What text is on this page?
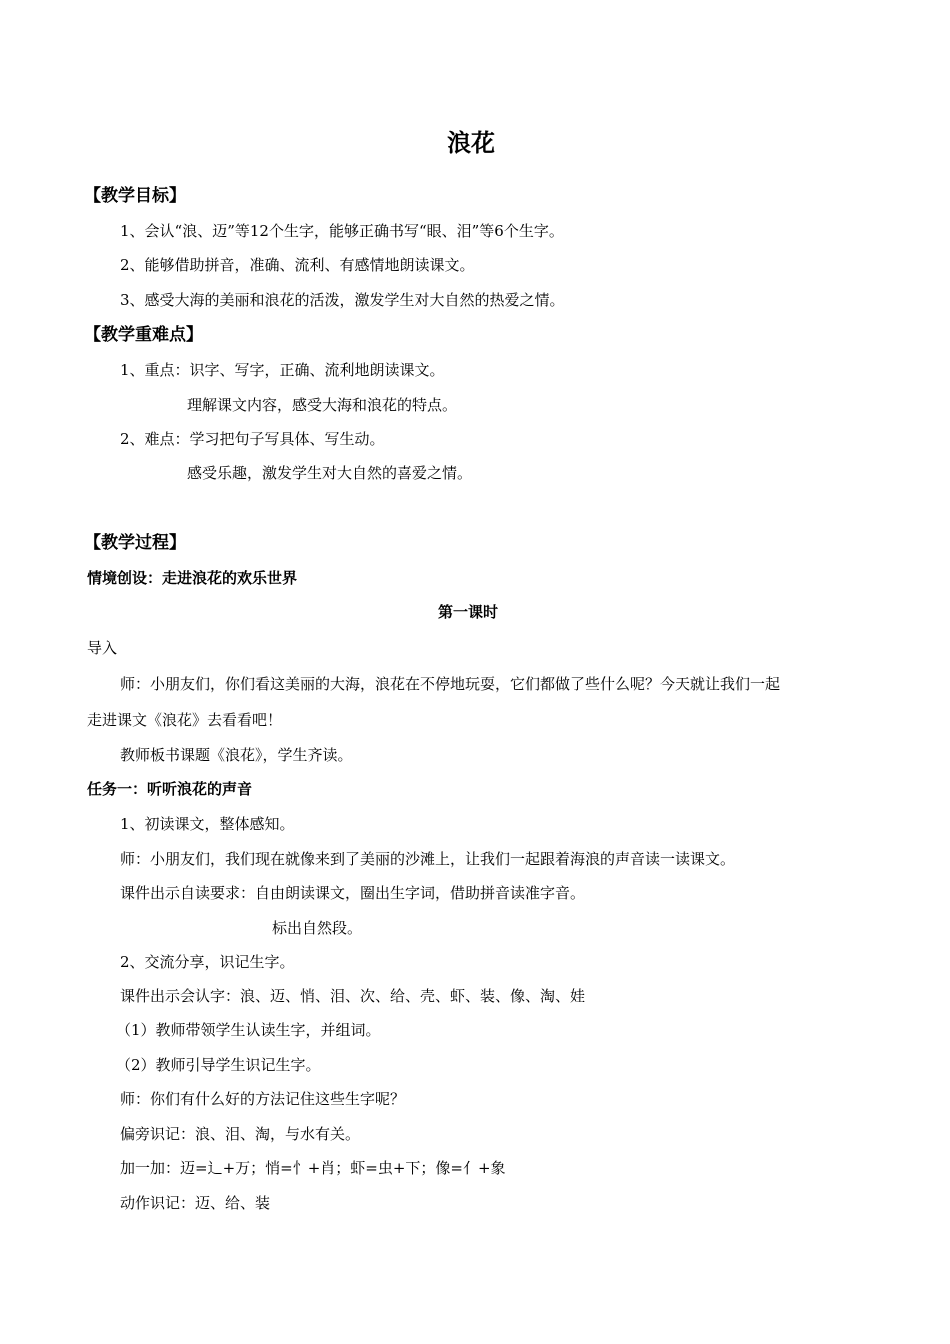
浪花
【教学目标】
1、会认“浪、迈”等12个生字，能够正确书写“眼、泪”等6个生字。
2、能够借助拼音，准确、流利、有感情地朗读课文。
3、感受大海的美丽和浪花的活泼，激发学生对大自然的热爱之情。
【教学重难点】
1、重点：识字、写字，正确、流利地朗读课文。
理解课文内容，感受大海和浪花的特点。
2、难点：学习把句子写具体、写生动。
感受乐趣，激发学生对大自然的喜爱之情。
【教学过程】
情境创设：走进浪花的欢乐世界
第一课时
导入
师：小朋友们，你们看这美丽的大海，浪花在不停地玩耍，它们都做了些什么呢？今天就让我们一起
走进课文《浪花》去看看吧！
教师板书课题《浪花》，学生齐读。
任务一：听听浪花的声音
1、初读课文，整体感知。
师：小朋友们，我们现在就像来到了美丽的沙滩上，让我们一起跟着海浪的声音读一读课文。
课件出示自读要求：自由朗读课文，圈出生字词，借助拼音读准字音。
标出自然段。
2、交流分享，识记生字。
课件出示会认字：浪、迈、悄、泪、次、给、壳、虾、装、像、淘、娃
（1）教师带领学生认读生字，并组词。
（2）教师引导学生识记生字。
师：你们有什么好的方法记住这些生字呢？
偏旁识记：浪、泪、淘，与水有关。
加一加：迈=辶+万；悄=忄+肖；虾=虫+下；像=亻+象
动作识记：迈、给、装
